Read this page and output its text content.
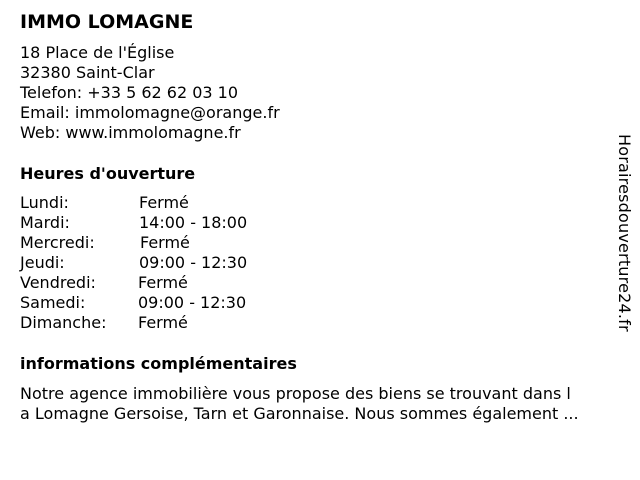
IMMO LOMAGNE
18 Place de l'Église
32380 Saint-Clar
Telefon: +33 5 62 62 03 10
Email: immolomagne@orange.fr
Web: www.immolomagne.fr
Heures d'ouverture
Lundi:	Fermé
Mardi:	14:00 - 18:00
Mercredi:	Fermé
Jeudi:	09:00 - 12:30
Vendredi:	Fermé
Samedi:	09:00 - 12:30
Dimanche: Fermé
informations complémentaires
Notre agence immobilière vous propose des biens se trouvant dans l
a Lomagne Gersoise, Tarn et Garonnaise. Nous sommes également ...
Horairesdouverture24.fr
